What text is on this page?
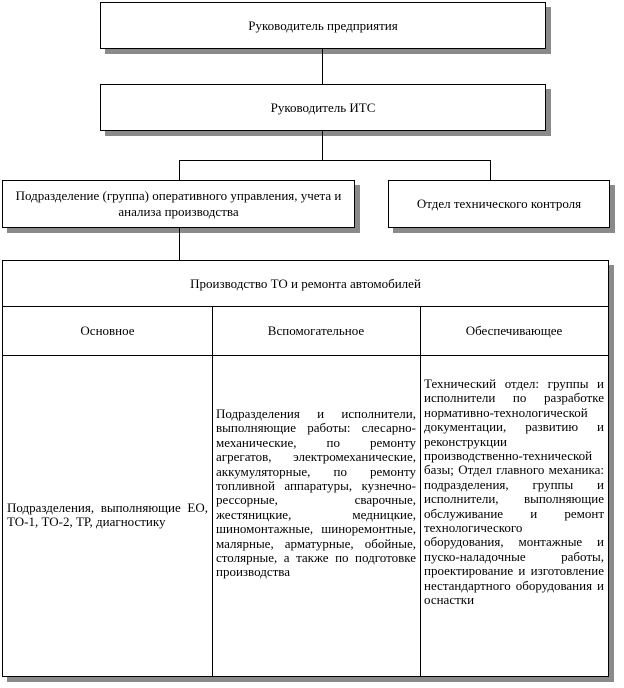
Руководитель предприятия
Руководитель ИТС
Подразделение (группа) оперативного управления, учета и анализа производства
Отдел технического контроля
Производство ТО и ремонта автомобилей
Основное	Вспомогательное	Обеспечивающее
Подразделения, выполняющие ЕО, ТО-1, ТО-2, ТР, диагностику
Подразделения и исполнители, выполняющие работы: слесарно-механические, по ремонту агрегатов, электромеханические, аккумуляторные, по ремонту топливной аппаратуры, кузнечно-рессорные, сварочные, жестяницкие, медницкие, шиномонтажные, шиноремонтные, малярные, арматурные, обойные, столярные, а также по подготовке производства
Технический отдел: группы и исполнители по разработке нормативно-технологической документации, развитию и реконструкции производственно-технической базы; Отдел главного механика: подразделения, группы и исполнители, выполняющие обслуживание и ремонт технологического оборудования, монтажные и пуско-наладочные работы, проектирование и изготовление нестандартного оборудования и оснастки
